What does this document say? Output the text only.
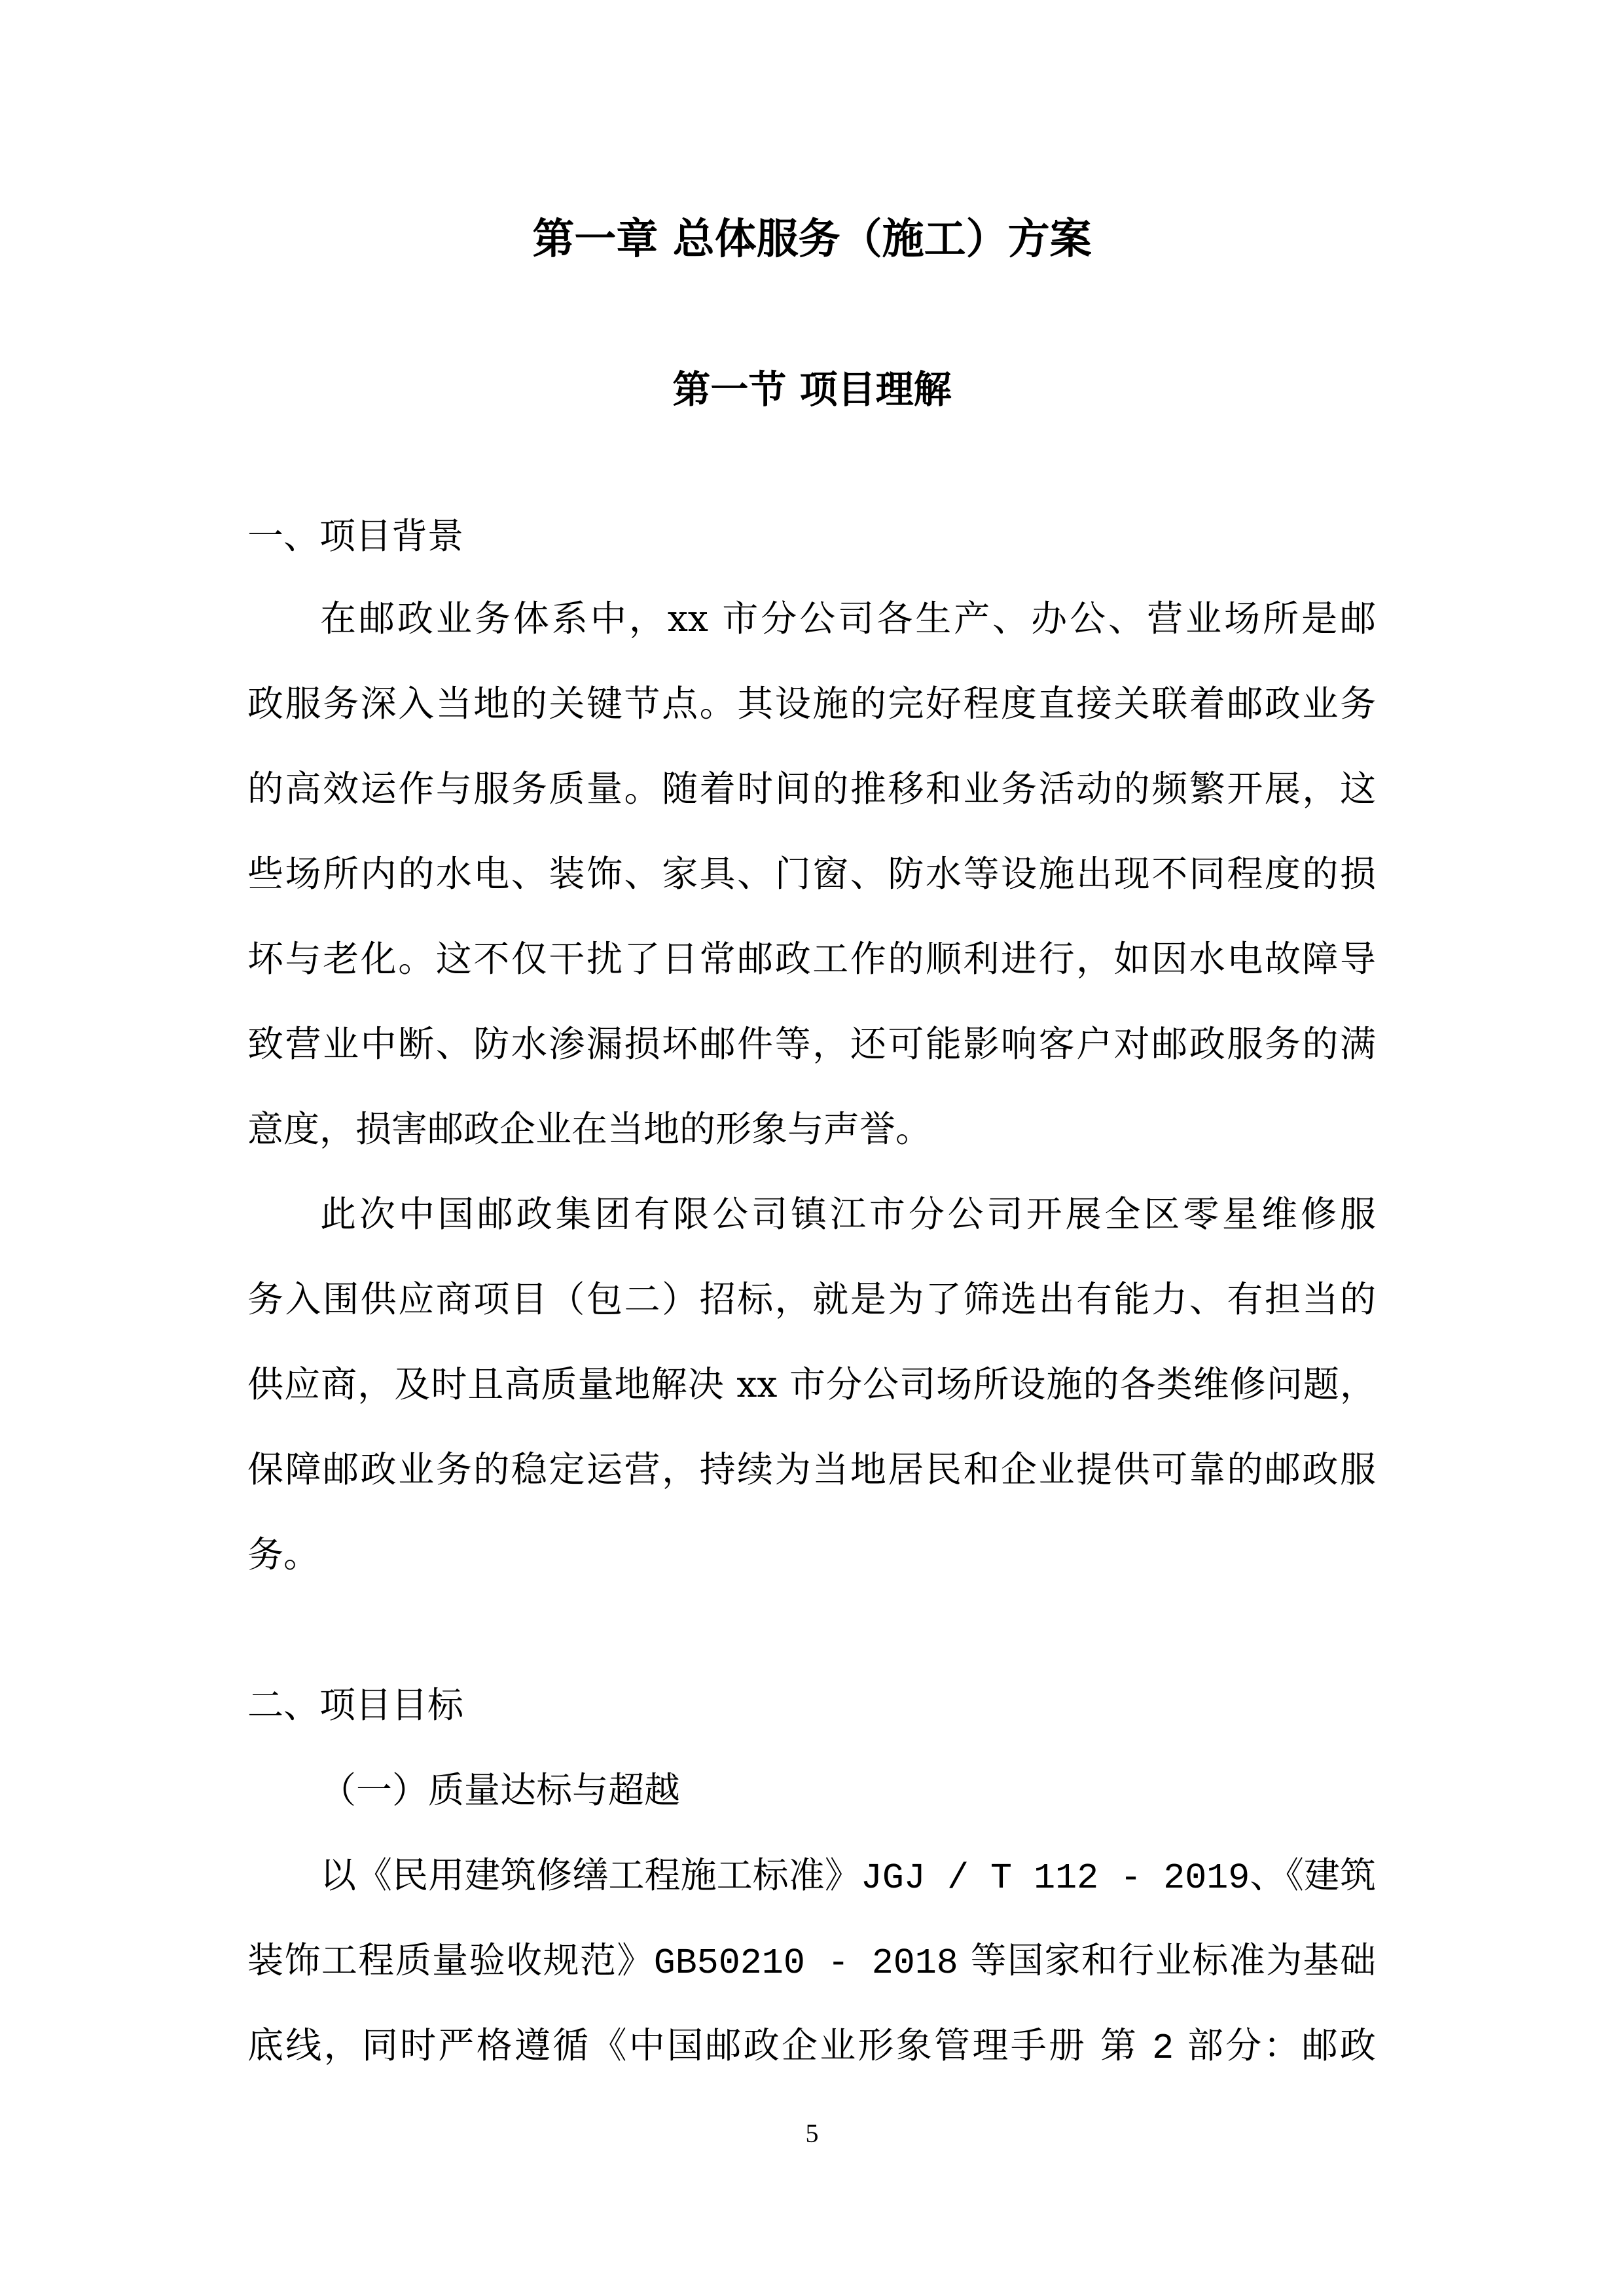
第一章 总体服务（施工）方案
第一节 项目理解
一、项目背景
在邮政业务体系中，xx 市分公司各生产、办公、营业场所是邮
政服务深入当地的关键节点。其设施的完好程度直接关联着邮政业务
的高效运作与服务质量。随着时间的推移和业务活动的频繁开展，这
些场所内的水电、装饰、家具、门窗、防水等设施出现不同程度的损
坏与老化。这不仅干扰了日常邮政工作的顺利进行，如因水电故障导
致营业中断、防水渗漏损坏邮件等，还可能影响客户对邮政服务的满
意度，损害邮政企业在当地的形象与声誉。
此次中国邮政集团有限公司镇江市分公司开展全区零星维修服
务入围供应商项目（包二）招标，就是为了筛选出有能力、有担当的
供应商，及时且高质量地解决 xx 市分公司场所设施的各类维修问题，
保障邮政业务的稳定运营，持续为当地居民和企业提供可靠的邮政服
务。
二、项目目标
（一）质量达标与超越
以《民用建筑修缮工程施工标准》JGJ / T 112 - 2019、《建筑
装饰工程质量验收规范》GB50210 - 2018 等国家和行业标准为基础
底线，同时严格遵循《中国邮政企业形象管理手册 第 2 部分：邮政
5
